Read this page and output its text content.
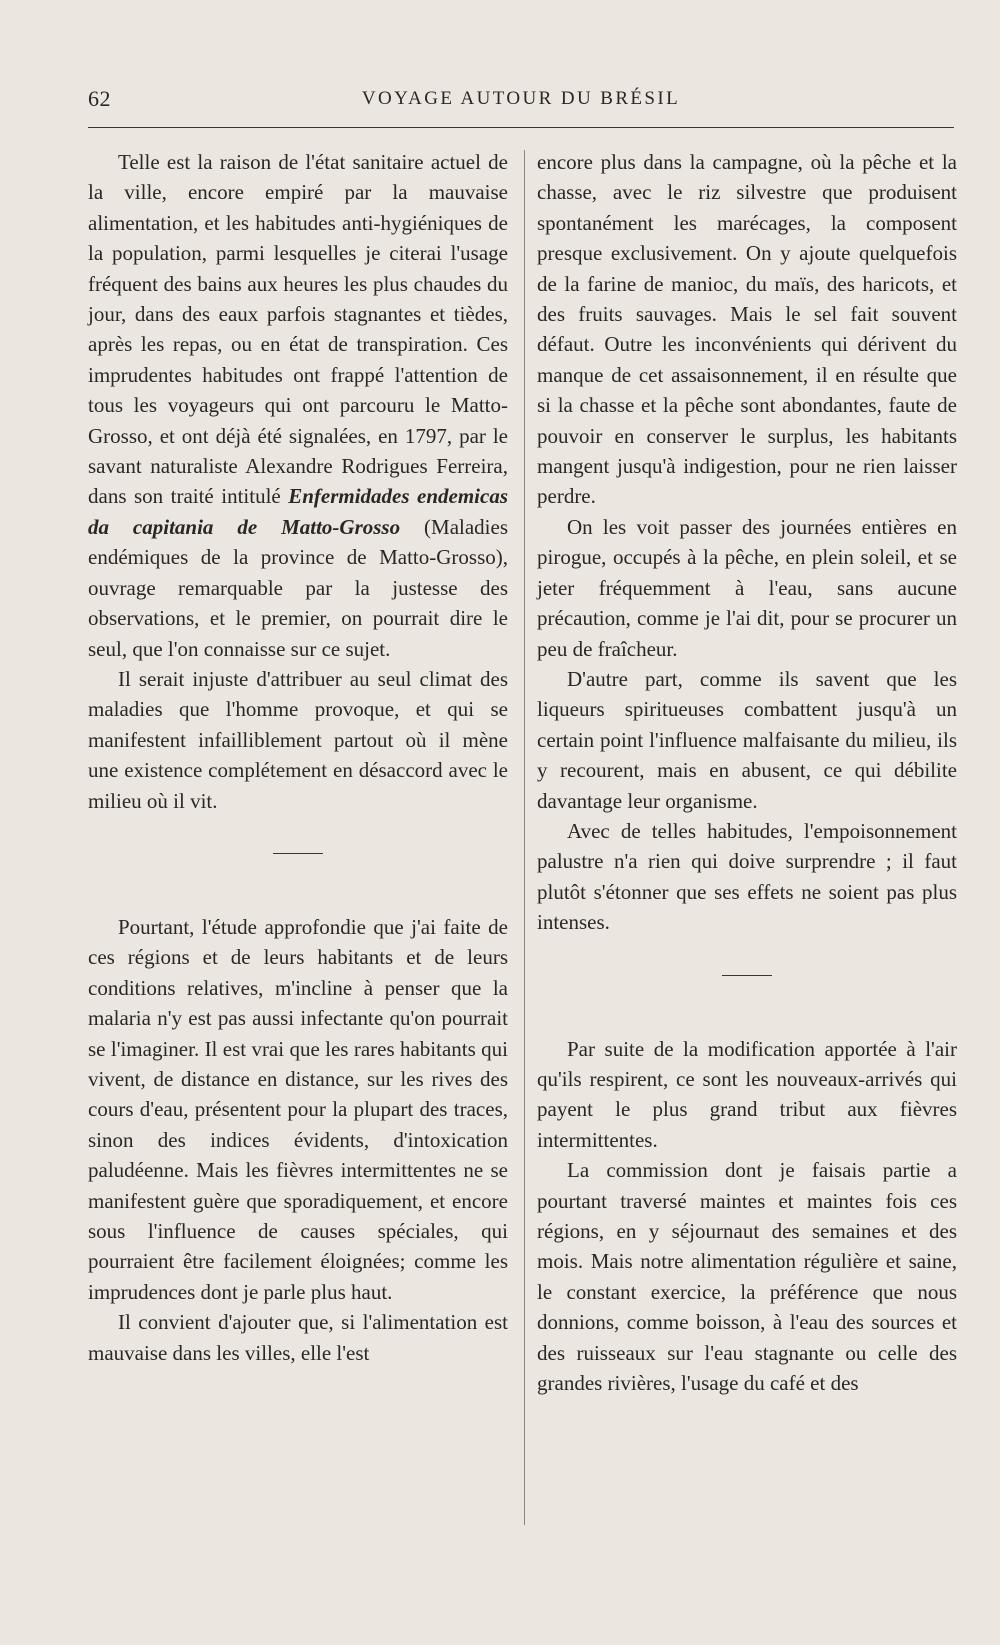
62	VOYAGE AUTOUR DU BRÉSIL

Telle est la raison de l'état sanitaire actuel de la ville, encore empiré par la mauvaise alimentation, et les habitudes anti-hygiéniques de la population, parmi lesquelles je citerai l'usage fréquent des bains aux heures les plus chaudes du jour, dans des eaux parfois stagnantes et tièdes, après les repas, ou en état de transpiration. Ces imprudentes habitudes ont frappé l'attention de tous les voyageurs qui ont parcouru le Matto-Grosso, et ont déjà été signalées, en 1797, par le savant naturaliste Alexandre Rodrigues Ferreira, dans son traité intitulé Enfermidades endemicas da capitania de Matto-Grosso (Maladies endémiques de la province de Matto-Grosso), ouvrage remarquable par la justesse des observations, et le premier, on pourrait dire le seul, que l'on connaisse sur ce sujet.

Il serait injuste d'attribuer au seul climat des maladies que l'homme provoque, et qui se manifestent infailliblement partout où il mène une existence complétement en désaccord avec le milieu où il vit.

Pourtant, l'étude approfondie que j'ai faite de ces régions et de leurs habitants et de leurs conditions relatives, m'incline à penser que la malaria n'y est pas aussi infectante qu'on pourrait se l'imaginer. Il est vrai que les rares habitants qui vivent, de distance en distance, sur les rives des cours d'eau, présentent pour la plupart des traces, sinon des indices évidents, d'intoxication paludéenne. Mais les fièvres intermittentes ne se manifestent guère que sporadiquement, et encore sous l'influence de causes spéciales, qui pourraient être facilement éloignées; comme les imprudences dont je parle plus haut.

Il convient d'ajouter que, si l'alimentation est mauvaise dans les villes, elle l'est

encore plus dans la campagne, où la pêche et la chasse, avec le riz silvestre que produisent spontanément les marécages, la composent presque exclusivement. On y ajoute quelquefois de la farine de manioc, du maïs, des haricots, et des fruits sauvages. Mais le sel fait souvent défaut. Outre les inconvénients qui dérivent du manque de cet assaisonnement, il en résulte que si la chasse et la pêche sont abondantes, faute de pouvoir en conserver le surplus, les habitants mangent jusqu'à indigestion, pour ne rien laisser perdre.

On les voit passer des journées entières en pirogue, occupés à la pêche, en plein soleil, et se jeter fréquemment à l'eau, sans aucune précaution, comme je l'ai dit, pour se procurer un peu de fraîcheur.

D'autre part, comme ils savent que les liqueurs spiritueuses combattent jusqu'à un certain point l'influence malfaisante du milieu, ils y recourent, mais en abusent, ce qui débilite davantage leur organisme.

Avec de telles habitudes, l'empoisonnement palustre n'a rien qui doive surprendre ; il faut plutôt s'étonner que ses effets ne soient pas plus intenses.

Par suite de la modification apportée à l'air qu'ils respirent, ce sont les nouveaux-arrivés qui payent le plus grand tribut aux fièvres intermittentes.

La commission dont je faisais partie a pourtant traversé maintes et maintes fois ces régions, en y séjournaut des semaines et des mois. Mais notre alimentation régulière et saine, le constant exercice, la préférence que nous donnions, comme boisson, à l'eau des sources et des ruisseaux sur l'eau stagnante ou celle des grandes rivières, l'usage du café et des
